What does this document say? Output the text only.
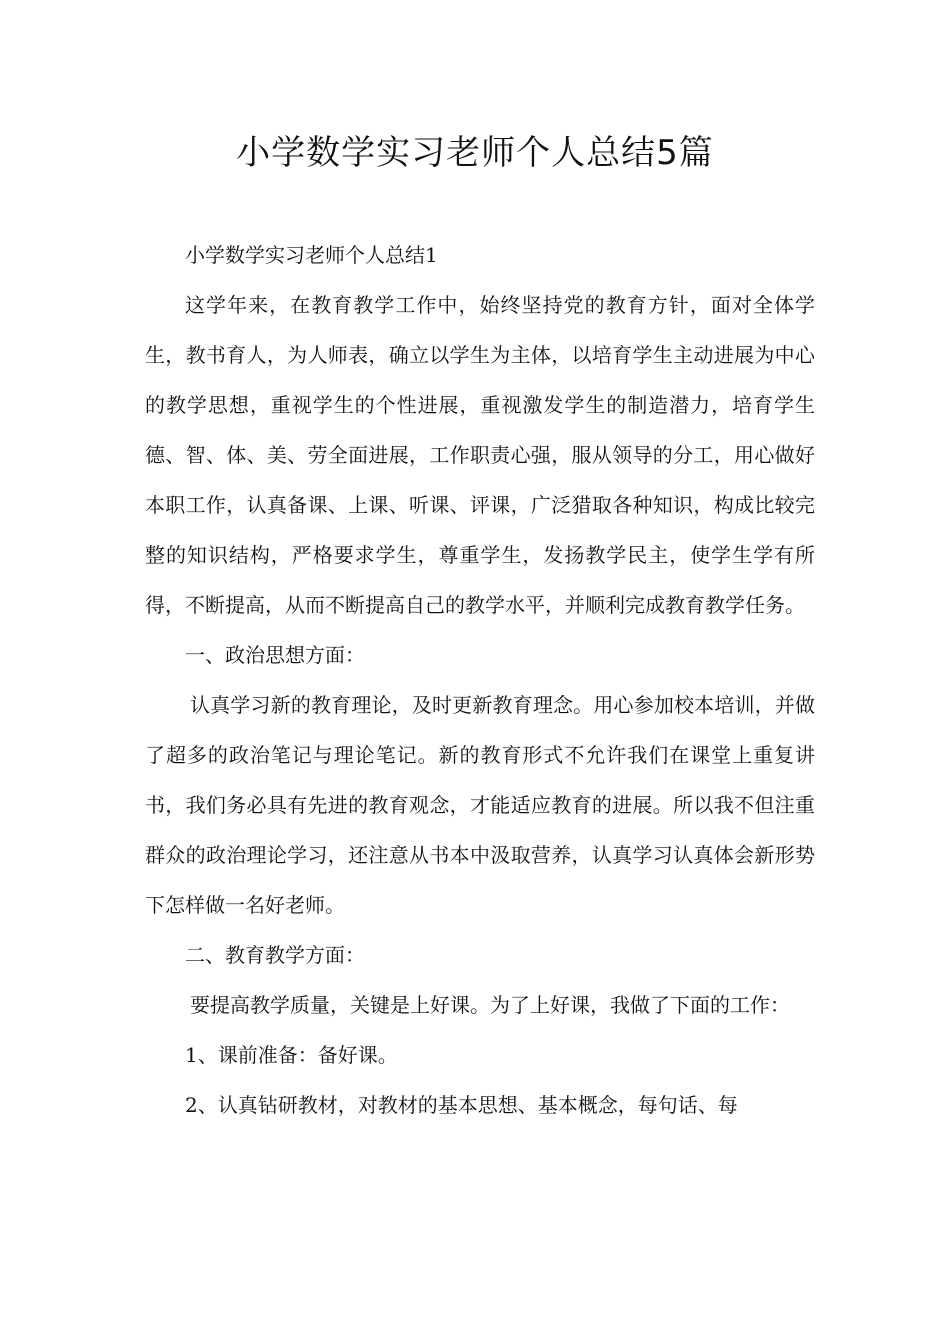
小学数学实习老师个人总结5篇

小学数学实习老师个人总结1

这学年来，在教育教学工作中，始终坚持党的教育方针，面对全体学生，教书育人，为人师表，确立以学生为主体，以培育学生主动进展为中心的教学思想，重视学生的个性进展，重视激发学生的制造潜力，培育学生德、智、体、美、劳全面进展，工作职责心强，服从领导的分工，用心做好本职工作，认真备课、上课、听课、评课，广泛猎取各种知识，构成比较完整的知识结构，严格要求学生，尊重学生，发扬教学民主，使学生学有所得，不断提高，从而不断提高自己的教学水平，并顺利完成教育教学任务。

一、政治思想方面：

认真学习新的教育理论，及时更新教育理念。用心参加校本培训，并做了超多的政治笔记与理论笔记。新的教育形式不允许我们在课堂上重复讲书，我们务必具有先进的教育观念，才能适应教育的进展。所以我不但注重群众的政治理论学习，还注意从书本中汲取营养，认真学习认真体会新形势下怎样做一名好老师。

二、教育教学方面：

要提高教学质量，关键是上好课。为了上好课，我做了下面的工作：

1、课前准备：备好课。

2、认真钻研教材，对教材的基本思想、基本概念，每句话、每
